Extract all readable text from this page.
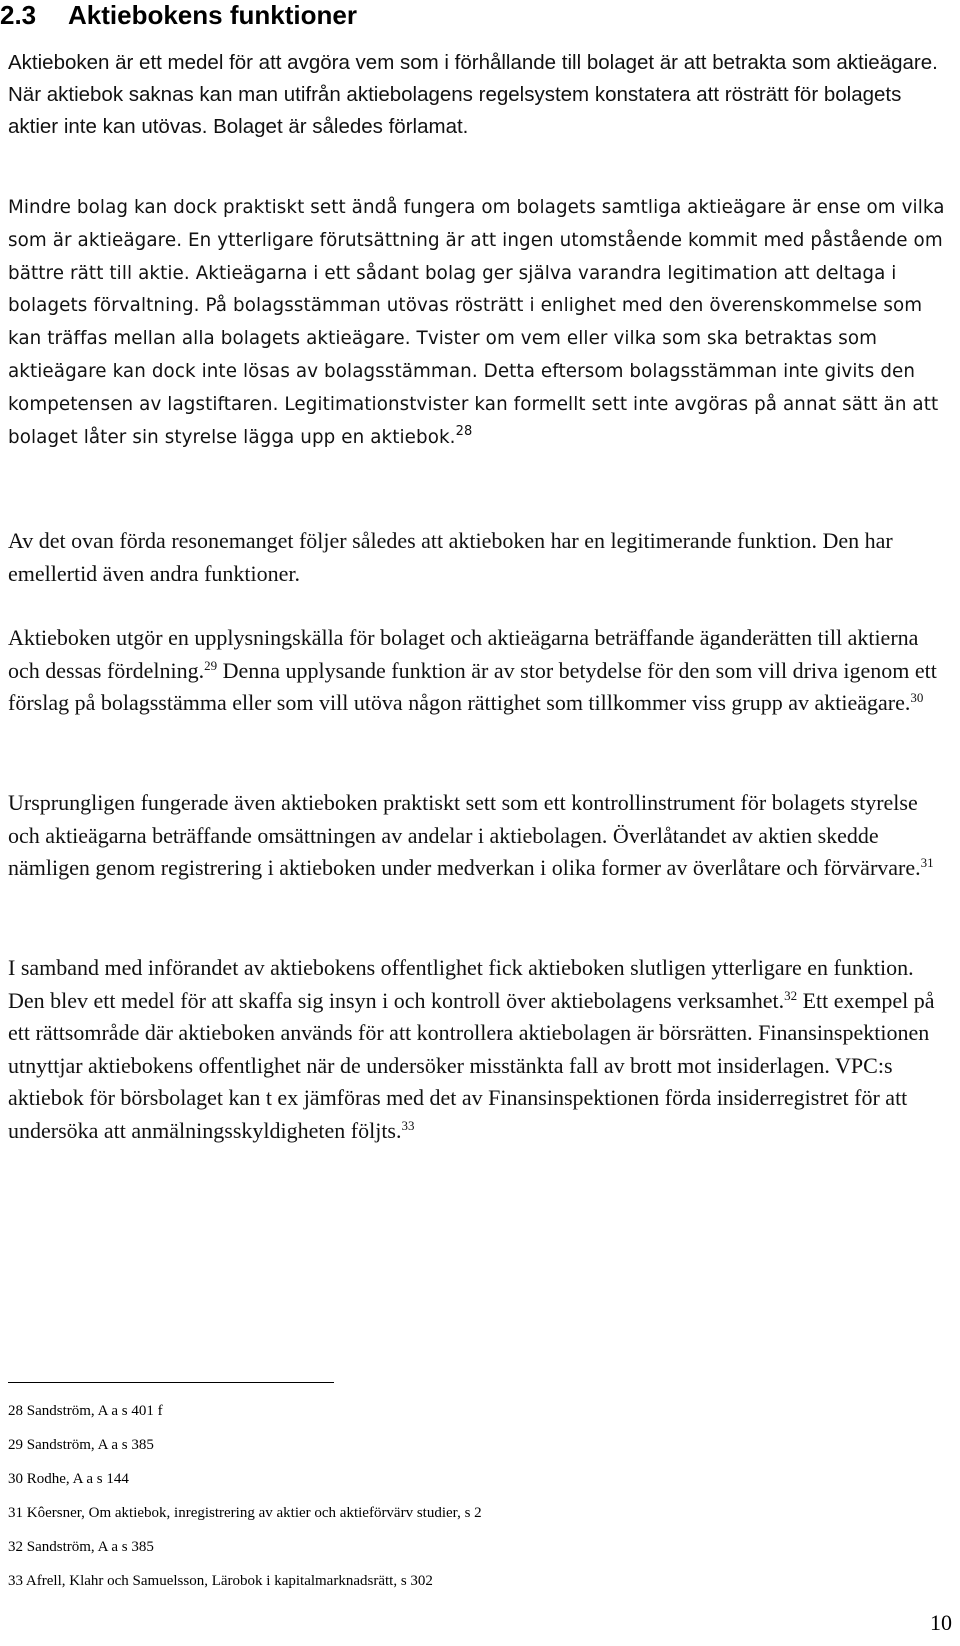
2.3 Aktiebokens funktioner

Aktieboken är ett medel för att avgöra vem som i förhållande till bolaget är att betrakta som aktieägare. När aktiebok saknas kan man utifrån aktiebolagens regelsystem konstatera att rösträtt för bolagets aktier inte kan utövas. Bolaget är således förlamat.

Mindre bolag kan dock praktiskt sett ändå fungera om bolagets samtliga aktieägare är ense om vilka som är aktieägare. En ytterligare förutsättning är att ingen utomstående kommit med påstående om bättre rätt till aktie. Aktieägarna i ett sådant bolag ger själva varandra legitimation att deltaga i bolagets förvaltning. På bolagsstämman utövas rösträtt i enlighet med den överenskommelse som kan träffas mellan alla bolagets aktieägare. Tvister om vem eller vilka som ska betraktas som aktieägare kan dock inte lösas av bolagsstämman. Detta eftersom bolagsstämman inte givits den kompetensen av lagstiftaren. Legitimationstvister kan formellt sett inte avgöras på annat sätt än att bolaget låter sin styrelse lägga upp en aktiebok.$^{28}$

Av det ovan förda resonemanget följer således att aktieboken har en legitimerande funktion. Den har emellertid även andra funktioner.

Aktieboken utgör en upplysningskälla för bolaget och aktieägarna beträffande äganderätten till aktierna och dessas fördelning.$^{29}$ Denna upplysande funktion är av stor betydelse för den som vill driva igenom ett förslag på bolagsstämma eller som vill utöva någon rättighet som tillkommer viss grupp av aktieägare.$^{30}$

Ursprungligen fungerade även aktieboken praktiskt sett som ett kontrollinstrument för bolagets styrelse och aktieägarna beträffande omsättningen av andelar i aktiebolagen. Överlåtandet av aktien skedde nämligen genom registrering i aktieboken under medverkan i olika former av överlåtare och förvärvare.$^{31}$

I samband med införandet av aktiebokens offentlighet fick aktieboken slutligen ytterligare en funktion. Den blev ett medel för att skaffa sig insyn i och kontroll över aktiebolagens verksamhet.$^{32}$ Ett exempel på ett rättsområde där aktieboken används för att kontrollera aktiebolagen är börsrätten. Finansinspektionen utnyttjar aktiebokens offentlighet när de undersöker misstänkta fall av brott mot insiderlagen. VPC:s aktiebok för börsbolaget kan t ex jämföras med det av Finansinspektionen förda insiderregistret för att undersöka att anmälningsskyldigheten följts.$^{33}$

28 Sandström, A a s 401 f
29 Sandström, A a s 385
30 Rodhe, A a s 144
31 Kôersner, Om aktiebok, inregistrering av aktier och aktieförvärv studier, s 2
32 Sandström, A a s 385
33 Afrell, Klahr och Samuelsson, Lärobok i kapitalmarknadsrätt, s 302
10
